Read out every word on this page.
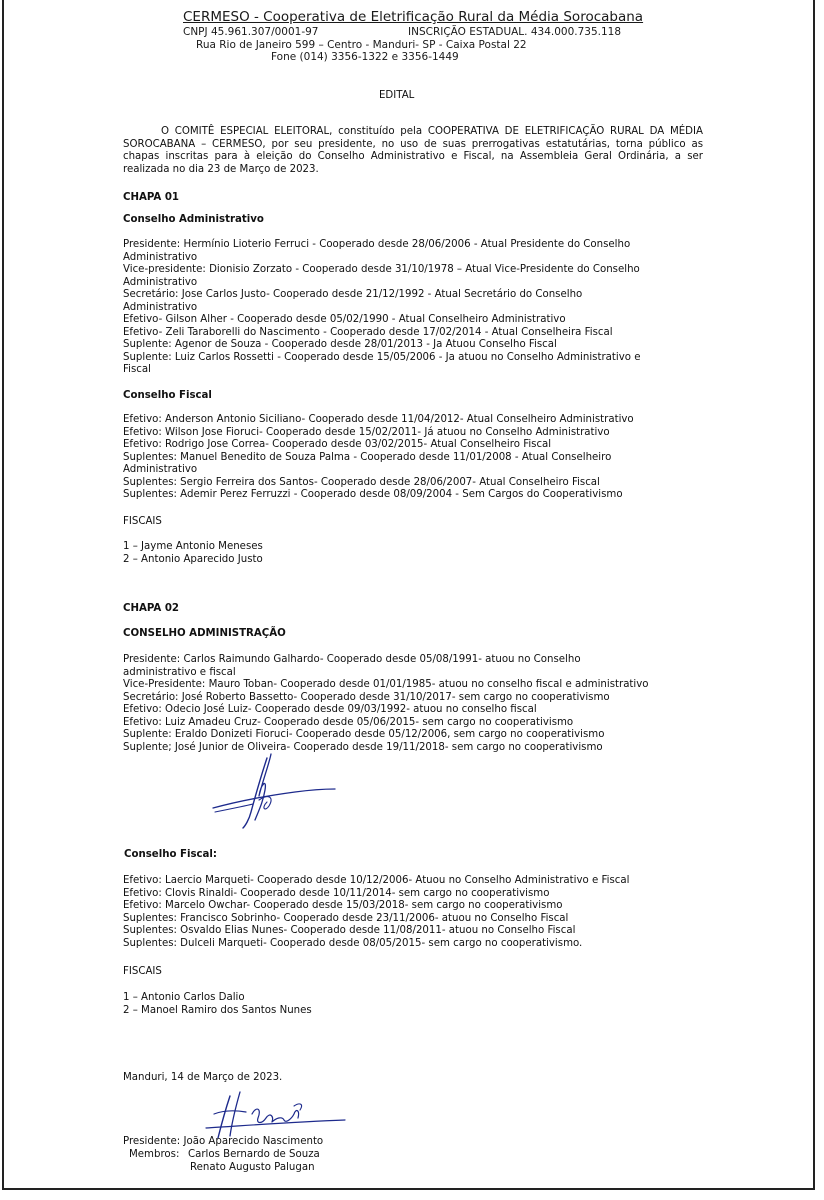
CERMESO - Cooperativa de Eletrificação Rural da Média Sorocabana
CNPJ 45.961.307/0001-97	INSCRIÇÃO ESTADUAL. 434.000.735.118
Rua Rio de Janeiro 599 – Centro - Manduri- SP - Caixa Postal 22
Fone (014) 3356-1322 e 3356-1449
EDITAL
O COMITÊ ESPECIAL ELEITORAL, constituído pela COOPERATIVA DE ELETRIFICAÇÃO RURAL DA MÉDIA SOROCABANA – CERMESO, por seu presidente, no uso de suas prerrogativas estatutárias, torna público as chapas inscritas para à eleição do Conselho Administrativo e Fiscal, na Assembleia Geral Ordinária, a ser realizada no dia 23 de Março de 2023.
CHAPA 01
Conselho Administrativo
Presidente: Hermínio Lioterio Ferruci - Cooperado desde 28/06/2006 - Atual Presidente do Conselho
Administrativo
Vice-presidente: Dionisio Zorzato - Cooperado desde 31/10/1978 – Atual Vice-Presidente do Conselho
Administrativo
Secretário: Jose Carlos Justo- Cooperado desde 21/12/1992 - Atual Secretário do Conselho
Administrativo
Efetivo- Gilson Alher - Cooperado desde 05/02/1990 - Atual Conselheiro Administrativo
Efetivo- Zeli Taraborelli do Nascimento - Cooperado desde 17/02/2014 - Atual Conselheira Fiscal
Suplente: Agenor de Souza - Cooperado desde 28/01/2013 - Ja Atuou Conselho Fiscal
Suplente: Luiz Carlos Rossetti - Cooperado desde 15/05/2006 - Ja atuou no Conselho Administrativo e
Fiscal
Conselho Fiscal
Efetivo: Anderson Antonio Siciliano- Cooperado desde 11/04/2012- Atual Conselheiro Administrativo
Efetivo: Wilson Jose Fioruci- Cooperado desde 15/02/2011- Já atuou no Conselho Administrativo
Efetivo: Rodrigo Jose Correa- Cooperado desde 03/02/2015- Atual Conselheiro Fiscal
Suplentes: Manuel Benedito de Souza Palma - Cooperado desde 11/01/2008 - Atual Conselheiro
Administrativo
Suplentes: Sergio Ferreira dos Santos- Cooperado desde 28/06/2007- Atual Conselheiro Fiscal
Suplentes: Ademir Perez Ferruzzi - Cooperado desde 08/09/2004 - Sem Cargos do Cooperativismo
FISCAIS
1 – Jayme Antonio Meneses
2 – Antonio Aparecido Justo
CHAPA 02
CONSELHO ADMINISTRAÇÃO
Presidente: Carlos Raimundo Galhardo- Cooperado desde 05/08/1991- atuou no Conselho
administrativo e fiscal
Vice-Presidente: Mauro Toban- Cooperado desde 01/01/1985- atuou no conselho fiscal e administrativo
Secretário: José Roberto Bassetto- Cooperado desde 31/10/2017- sem cargo no cooperativismo
Efetivo: Odecio José Luiz- Cooperado desde 09/03/1992- atuou no conselho fiscal
Efetivo: Luiz Amadeu Cruz- Cooperado desde 05/06/2015- sem cargo no cooperativismo
Suplente: Eraldo Donizeti Fioruci- Cooperado desde 05/12/2006, sem cargo no cooperativismo
Suplente; José Junior de Oliveira- Cooperado desde 19/11/2018- sem cargo no cooperativismo
Conselho Fiscal:
Efetivo: Laercio Marqueti- Cooperado desde 10/12/2006- Atuou no Conselho Administrativo e Fiscal
Efetivo: Clovis Rinaldi- Cooperado desde 10/11/2014- sem cargo no cooperativismo
Efetivo: Marcelo Owchar- Cooperado desde 15/03/2018- sem cargo no cooperativismo
Suplentes: Francisco Sobrinho- Cooperado desde 23/11/2006- atuou no Conselho Fiscal
Suplentes: Osvaldo Elias Nunes- Cooperado desde 11/08/2011- atuou no Conselho Fiscal
Suplentes: Dulceli Marqueti- Cooperado desde 08/05/2015- sem cargo no cooperativismo.
FISCAIS
1 – Antonio Carlos Dalio
2 – Manoel Ramiro dos Santos Nunes
Manduri, 14 de Março de 2023.
Presidente: João Aparecido Nascimento
Membros: Carlos Bernardo de Souza
Renato Augusto Palugan
